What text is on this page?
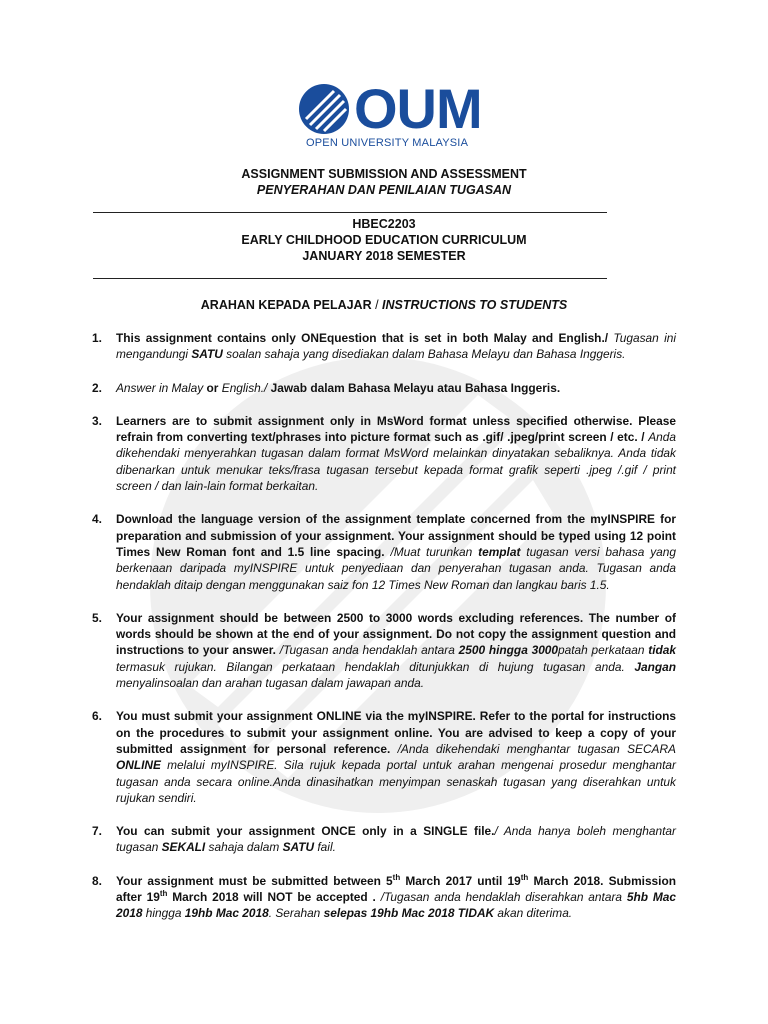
OUM
OPEN UNIVERSITY MALAYSIA
ASSIGNMENT SUBMISSION AND ASSESSMENT
PENYERAHAN DAN PENILAIAN TUGASAN
HBEC2203
EARLY CHILDHOOD EDUCATION CURRICULUM
JANUARY 2018 SEMESTER
ARAHAN KEPADA PELAJAR / INSTRUCTIONS TO STUDENTS
1.	This assignment contains only ONEquestion that is set in both Malay and English./ Tugasan ini mengandungi SATU soalan sahaja yang disediakan dalam Bahasa Melayu dan Bahasa Inggeris.
2.	Answer in Malay or English./ Jawab dalam Bahasa Melayu atau Bahasa Inggeris.
3.	Learners are to submit assignment only in MsWord format unless specified otherwise. Please refrain from converting text/phrases into picture format such as .gif/ .jpeg/print screen / etc. / Anda dikehendaki menyerahkan tugasan dalam format MsWord melainkan dinyatakan sebaliknya. Anda tidak dibenarkan untuk menukar teks/frasa tugasan tersebut kepada format grafik seperti .jpeg /.gif / print screen / dan lain-lain format berkaitan.
4.	Download the language version of the assignment template concerned from the myINSPIRE for preparation and submission of your assignment. Your assignment should be typed using 12 point Times New Roman font and 1.5 line spacing. /Muat turunkan templat tugasan versi bahasa yang berkenaan daripada myINSPIRE untuk penyediaan dan penyerahan tugasan anda. Tugasan anda hendaklah ditaip dengan menggunakan saiz fon 12 Times New Roman dan langkau baris 1.5.
5.	Your assignment should be between 2500 to 3000 words excluding references. The number of words should be shown at the end of your assignment. Do not copy the assignment question and instructions to your answer. /Tugasan anda hendaklah antara 2500 hingga 3000patah perkataan tidak termasuk rujukan. Bilangan perkataan hendaklah ditunjukkan di hujung tugasan anda. Jangan menyalinsoalan dan arahan tugasan dalam jawapan anda.
6.	You must submit your assignment ONLINE via the myINSPIRE. Refer to the portal for instructions on the procedures to submit your assignment online. You are advised to keep a copy of your submitted assignment for personal reference. /Anda dikehendaki menghantar tugasan SECARA ONLINE melalui myINSPIRE. Sila rujuk kepada portal untuk arahan mengenai prosedur menghantar tugasan anda secara online.Anda dinasihatkan menyimpan senaskah tugasan yang diserahkan untuk rujukan sendiri.
7.	You can submit your assignment ONCE only in a SINGLE file./ Anda hanya boleh menghantar tugasan SEKALI sahaja dalam SATU fail.
8.	Your assignment must be submitted between 5th March 2017 until 19th March 2018. Submission after 19th March 2018 will NOT be accepted . /Tugasan anda hendaklah diserahkan antara 5hb Mac 2018 hingga 19hb Mac 2018. Serahan selepas 19hb Mac 2018 TIDAK akan diterima.
